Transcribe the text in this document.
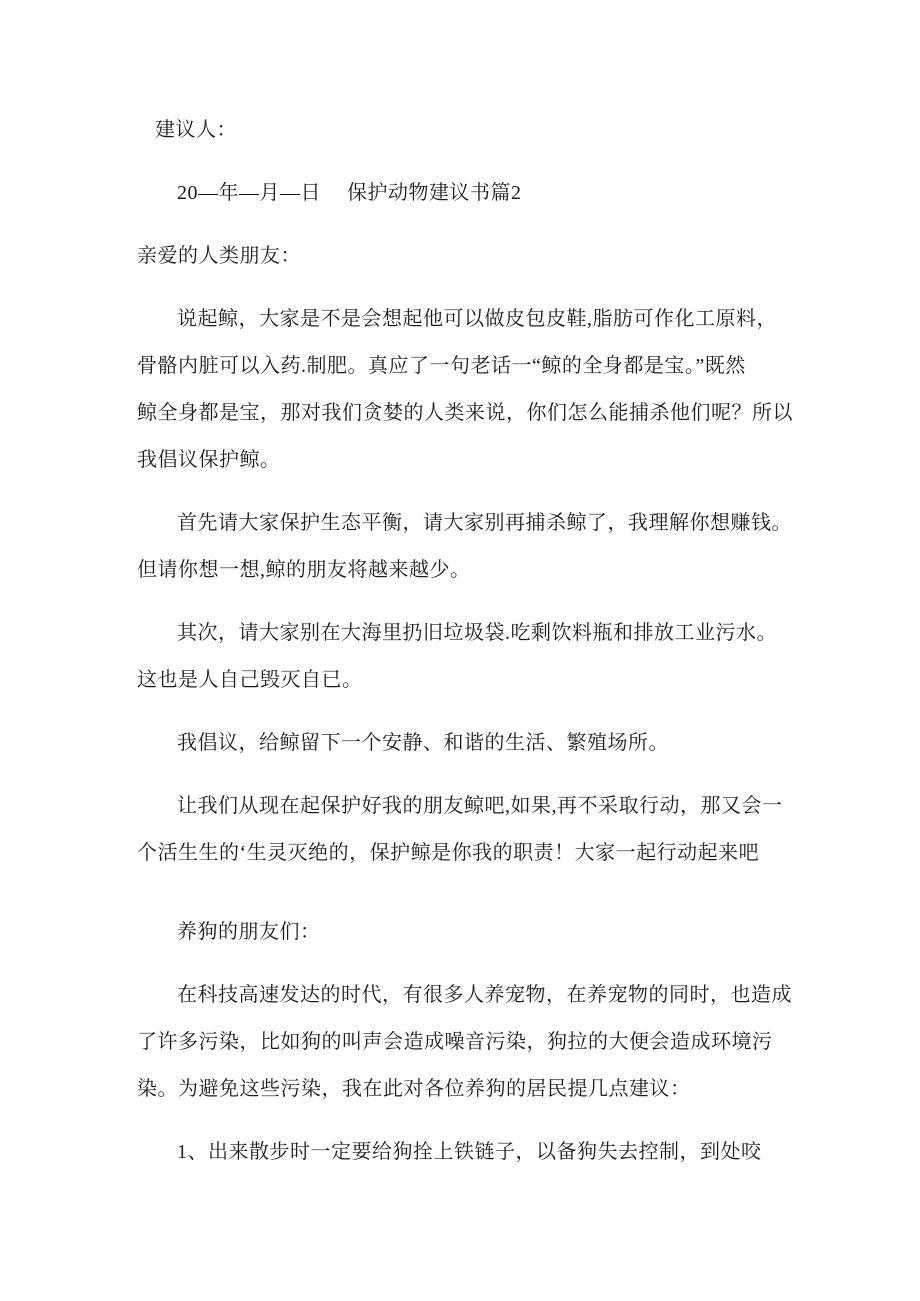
建议人：
20—年—月—日　 保护动物建议书篇2
亲爱的人类朋友：
说起鲸，大家是不是会想起他可以做皮包皮鞋,脂肪可作化工原料，
骨骼内脏可以入药.制肥。真应了一句老话一“鲸的全身都是宝。”既然
鲸全身都是宝，那对我们贪婪的人类来说，你们怎么能捕杀他们呢？所以
我倡议保护鲸。
首先请大家保护生态平衡，请大家别再捕杀鲸了，我理解你想赚钱。
但请你想一想,鲸的朋友将越来越少。
其次，请大家别在大海里扔旧垃圾袋.吃剩饮料瓶和排放工业污水。
这也是人自己毁灭自已。
我倡议，给鲸留下一个安静、和谐的生活、繁殖场所。
让我们从现在起保护好我的朋友鲸吧,如果,再不采取行动，那又会一
个活生生的‘生灵灭绝的，保护鲸是你我的职责！大家一起行动起来吧
养狗的朋友们：
在科技高速发达的时代，有很多人养宠物，在养宠物的同时，也造成
了许多污染，比如狗的叫声会造成噪音污染，狗拉的大便会造成环境污
染。为避免这些污染，我在此对各位养狗的居民提几点建议：
1、出来散步时一定要给狗拴上铁链子，以备狗失去控制，到处咬
